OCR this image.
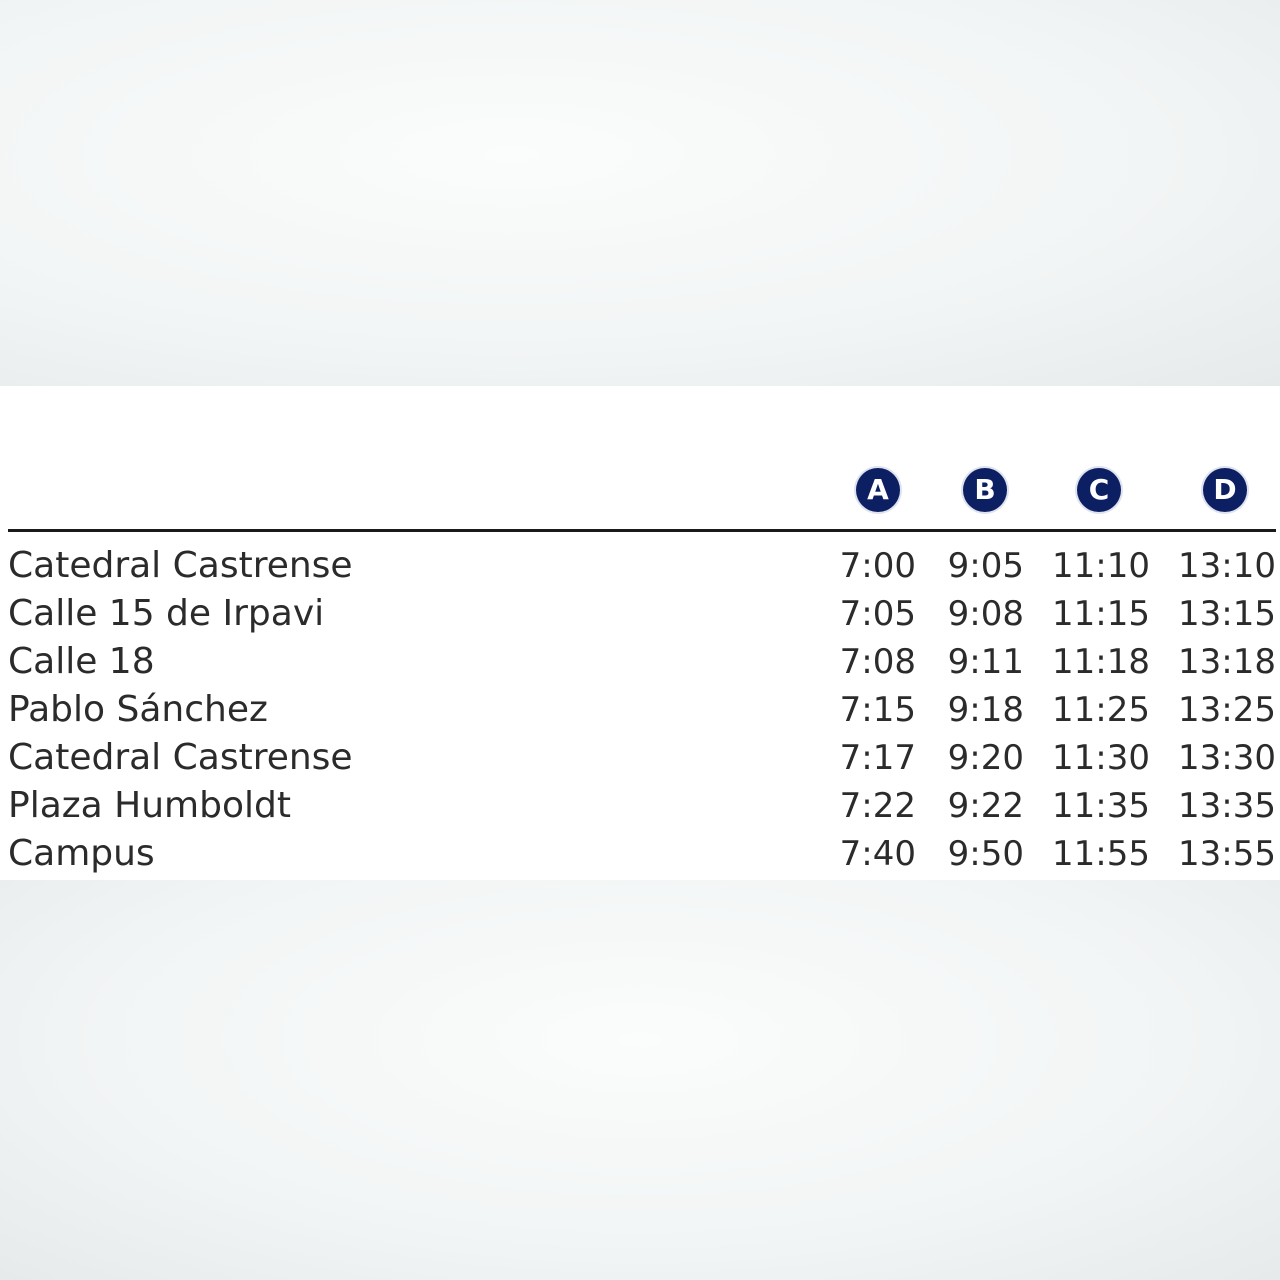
A	B	C	D
Catedral Castrense	7:00 9:05 11:10 13:10
Calle 15 de Irpavi	7:05 9:08 11:15 13:15
Calle 18	7:08 9:11 11:18 13:18
Pablo Sánchez	7:15 9:18 11:25 13:25
Catedral Castrense	7:17 9:20 11:30 13:30
Plaza Humboldt	7:22 9:22 11:35 13:35
Campus	7:40 9:50 11:55 13:55
